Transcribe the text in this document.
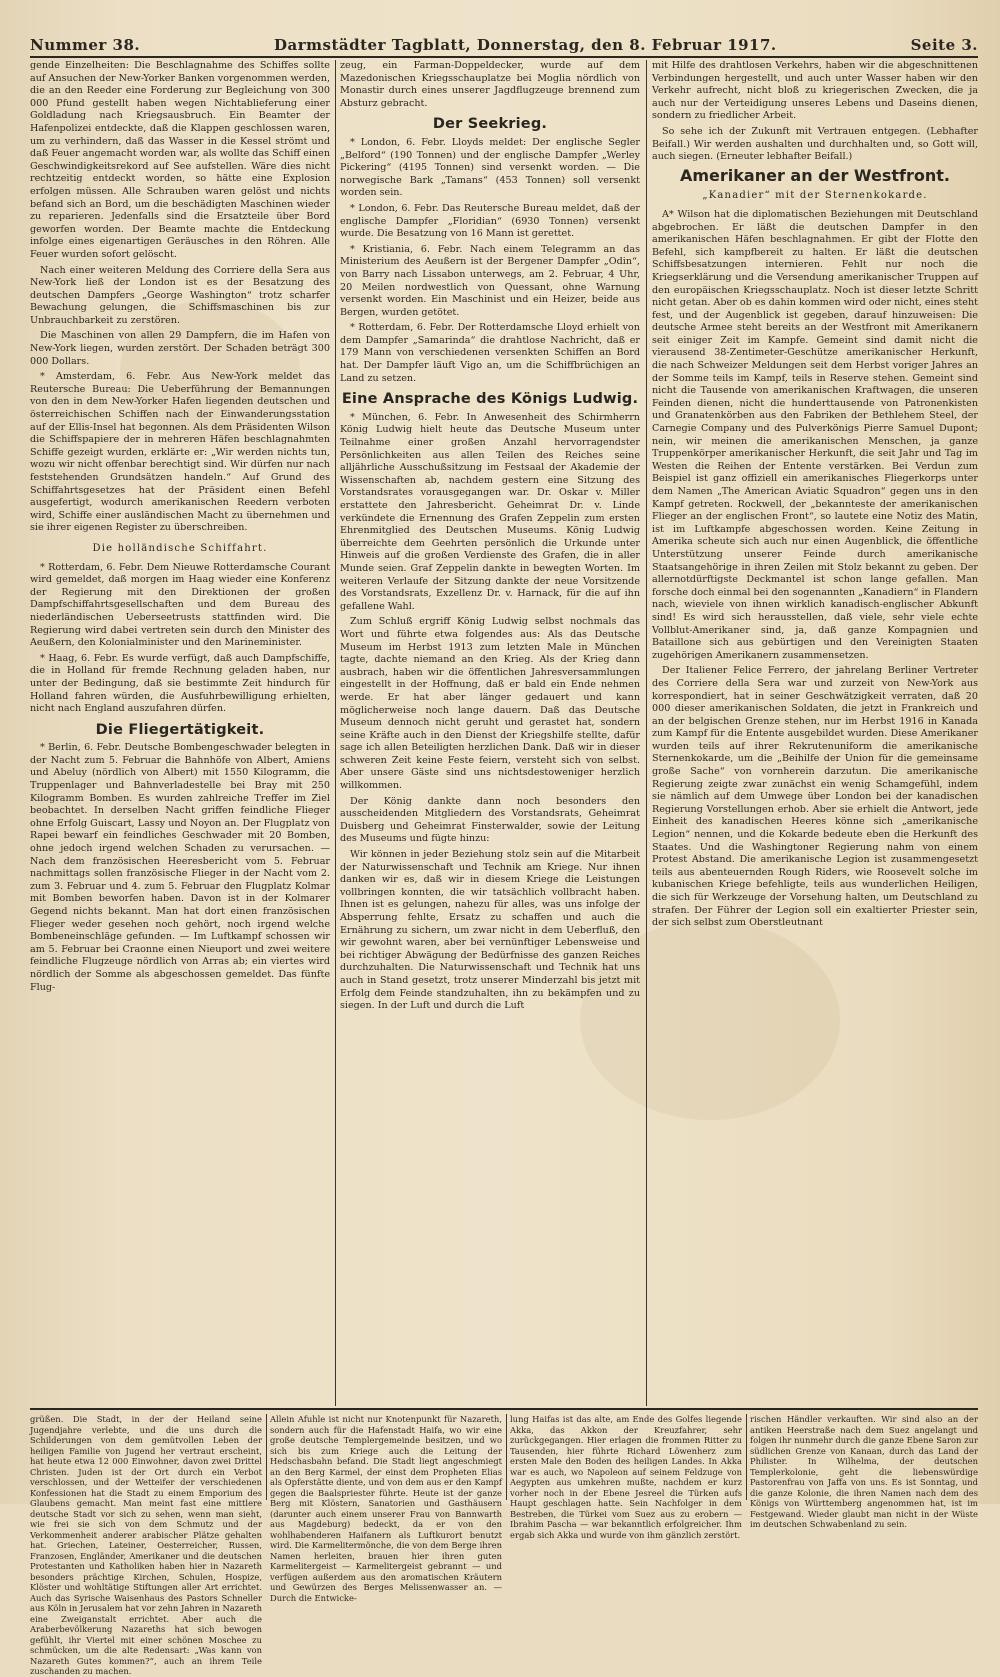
Nummer 38.	Darmstädter Tagblatt, Donnerstag, den 8. Februar 1917.	Seite 3.

gende Einzelheiten: Die Beschlagnahme des Schiffes sollte auf Ansuchen der New-Yorker Banken vorgenommen werden, die an den Reeder eine Forderung zur Begleichung von 300 000 Pfund gestellt haben wegen Nichtablieferung einer Goldladung nach Kriegsausbruch. Ein Beamter der Hafenpolizei entdeckte, daß die Klappen geschlossen waren, um zu verhindern, daß das Wasser in die Kessel strömt und daß Feuer angemacht worden war, als wollte das Schiff einen Geschwindigkeitsrekord auf See aufstellen. Wäre dies nicht rechtzeitig entdeckt worden, so hätte eine Explosion erfolgen müssen. Alle Schrauben waren gelöst und nichts befand sich an Bord, um die beschädigten Maschinen wieder zu reparieren. Jedenfalls sind die Ersatzteile über Bord geworfen worden. Der Beamte machte die Entdeckung infolge eines eigenartigen Geräusches in den Röhren. Alle Feuer wurden sofort gelöscht.

Nach einer weiteren Meldung des Corriere della Sera aus New-York ließ der London ist es der Besatzung des deutschen Dampfers „George Washington“ trotz scharfer Bewachung gelungen, die Schiffsmaschinen bis zur Unbrauchbarkeit zu zerstören.

Die Maschinen von allen 29 Dampfern, die im Hafen von New-York liegen, wurden zerstört. Der Schaden beträgt 300 000 Dollars.

* Amsterdam, 6. Febr. Aus New-York meldet das Reutersche Bureau: Die Ueberführung der Bemannungen von den in dem New-Yorker Hafen liegenden deutschen und österreichischen Schiffen nach der Einwanderungsstation auf der Ellis-Insel hat begonnen. Als dem Präsidenten Wilson die Schiffspapiere der in mehreren Häfen beschlagnahmten Schiffe gezeigt wurden, erklärte er: „Wir werden nichts tun, wozu wir nicht offenbar berechtigt sind. Wir dürfen nur nach feststehenden Grundsätzen handeln.“ Auf Grund des Schiffahrtsgesetzes hat der Präsident einen Befehl ausgefertigt, wodurch amerikanischen Reedern verboten wird, Schiffe einer ausländischen Macht zu übernehmen und sie ihrer eigenen Register zu überschreiben.

Die holländische Schiffahrt.

* Rotterdam, 6. Febr. Dem Nieuwe Rotterdamsche Courant wird gemeldet, daß morgen im Haag wieder eine Konferenz der Regierung mit den Direktionen der großen Dampfschiffahrtsgesellschaften und dem Bureau des niederländischen Ueberseetrusts stattfinden wird. Die Regierung wird dabei vertreten sein durch den Minister des Aeußern, den Kolonialminister und den Marineminister.

* Haag, 6. Febr. Es wurde verfügt, daß auch Dampfschiffe, die in Holland für fremde Rechnung geladen haben, nur unter der Bedingung, daß sie bestimmte Zeit hindurch für Holland fahren würden, die Ausfuhrbewilligung erhielten, nicht nach England auszufahren dürfen.

Die Fliegertätigkeit.

* Berlin, 6. Febr. Deutsche Bombengeschwader belegten in der Nacht zum 5. Februar die Bahnhöfe von Albert, Amiens und Abeluy (nördlich von Albert) mit 1550 Kilogramm, die Truppenlager und Bahnverladestelle bei Bray mit 250 Kilogramm Bomben. Es wurden zahlreiche Treffer im Ziel beobachtet. In derselben Nacht griffen feindliche Flieger ohne Erfolg Guiscart, Lassy und Noyon an. Der Flugplatz von Rapei bewarf ein feindliches Geschwader mit 20 Bomben, ohne jedoch irgend welchen Schaden zu verursachen. — Nach dem französischen Heeresbericht vom 5. Februar nachmittags sollen französische Flieger in der Nacht vom 2. zum 3. Februar und 4. zum 5. Februar den Flugplatz Kolmar mit Bomben beworfen haben. Davon ist in der Kolmarer Gegend nichts bekannt. Man hat dort einen französischen Flieger weder gesehen noch gehört, noch irgend welche Bombeneinschläge gefunden. — Im Luftkampf schossen wir am 5. Februar bei Craonne einen Nieuport und zwei weitere feindliche Flugzeuge nördlich von Arras ab; ein viertes wird nördlich der Somme als abgeschossen gemeldet. Das fünfte Flug-

zeug, ein Farman-Doppeldecker, wurde auf dem Mazedonischen Kriegsschauplatze bei Moglia nördlich von Monastir durch eines unserer Jagdflugzeuge brennend zum Absturz gebracht.

Der Seekrieg.

* London, 6. Febr. Lloyds meldet: Der englische Segler „Belford“ (190 Tonnen) und der englische Dampfer „Werley Pickering“ (4195 Tonnen) sind versenkt worden. — Die norwegische Bark „Tamans“ (453 Tonnen) soll versenkt worden sein.

* London, 6. Febr. Das Reutersche Bureau meldet, daß der englische Dampfer „Floridian“ (6930 Tonnen) versenkt wurde. Die Besatzung von 16 Mann ist gerettet.

* Kristiania, 6. Febr. Nach einem Telegramm an das Ministerium des Aeußern ist der Bergener Dampfer „Odin“, von Barry nach Lissabon unterwegs, am 2. Februar, 4 Uhr, 20 Meilen nordwestlich von Quessant, ohne Warnung versenkt worden. Ein Maschinist und ein Heizer, beide aus Bergen, wurden getötet.

* Rotterdam, 6. Febr. Der Rotterdamsche Lloyd erhielt von dem Dampfer „Samarinda“ die drahtlose Nachricht, daß er 179 Mann von verschiedenen versenkten Schiffen an Bord hat. Der Dampfer läuft Vigo an, um die Schiffbrüchigen an Land zu setzen.

Eine Ansprache des Königs Ludwig.

* München, 6. Febr. In Anwesenheit des Schirmherrn König Ludwig hielt heute das Deutsche Museum unter Teilnahme einer großen Anzahl hervorragendster Persönlichkeiten aus allen Teilen des Reiches seine alljährliche Ausschußsitzung im Festsaal der Akademie der Wissenschaften ab, nachdem gestern eine Sitzung des Vorstandsrates vorausgegangen war. Dr. Oskar v. Miller erstattete den Jahresbericht. Geheimrat Dr. v. Linde verkündete die Ernennung des Grafen Zeppelin zum ersten Ehrenmitglied des Deutschen Museums. König Ludwig überreichte dem Geehrten persönlich die Urkunde unter Hinweis auf die großen Verdienste des Grafen, die in aller Munde seien. Graf Zeppelin dankte in bewegten Worten. Im weiteren Verlaufe der Sitzung dankte der neue Vorsitzende des Vorstandsrats, Exzellenz Dr. v. Harnack, für die auf ihn gefallene Wahl.

Zum Schluß ergriff König Ludwig selbst nochmals das Wort und führte etwa folgendes aus: Als das Deutsche Museum im Herbst 1913 zum letzten Male in München tagte, dachte niemand an den Krieg. Als der Krieg dann ausbrach, haben wir die öffentlichen Jahresversammlungen eingestellt in der Hoffnung, daß er bald ein Ende nehmen werde. Er hat aber länger gedauert und kann möglicherweise noch lange dauern. Daß das Deutsche Museum dennoch nicht geruht und gerastet hat, sondern seine Kräfte auch in den Dienst der Kriegshilfe stellte, dafür sage ich allen Beteiligten herzlichen Dank. Daß wir in dieser schweren Zeit keine Feste feiern, versteht sich von selbst. Aber unsere Gäste sind uns nichtsdestoweniger herzlich willkommen.

Der König dankte dann noch besonders den ausscheidenden Mitgliedern des Vorstandsrats, Geheimrat Duisberg und Geheimrat Finsterwalder, sowie der Leitung des Museums und fügte hinzu:

Wir können in jeder Beziehung stolz sein auf die Mitarbeit der Naturwissenschaft und Technik am Kriege. Nur ihnen danken wir es, daß wir in diesem Kriege die Leistungen vollbringen konnten, die wir tatsächlich vollbracht haben. Ihnen ist es gelungen, nahezu für alles, was uns infolge der Absperrung fehlte, Ersatz zu schaffen und auch die Ernährung zu sichern, um zwar nicht in dem Ueberfluß, den wir gewohnt waren, aber bei vernünftiger Lebensweise und bei richtiger Abwägung der Bedürfnisse des ganzen Reiches durchzuhalten. Die Naturwissenschaft und Technik hat uns auch in Stand gesetzt, trotz unserer Minderzahl bis jetzt mit Erfolg dem Feinde standzuhalten, ihn zu bekämpfen und zu siegen. In der Luft und durch die Luft

mit Hilfe des drahtlosen Verkehrs, haben wir die abgeschnittenen Verbindungen hergestellt, und auch unter Wasser haben wir den Verkehr aufrecht, nicht bloß zu kriegerischen Zwecken, die ja auch nur der Verteidigung unseres Lebens und Daseins dienen, sondern zu friedlicher Arbeit.

So sehe ich der Zukunft mit Vertrauen entgegen. (Lebhafter Beifall.) Wir werden aushalten und durchhalten und, so Gott will, auch siegen. (Erneuter lebhafter Beifall.)

Amerikaner an der Westfront.
„Kanadier“ mit der Sternenkokarde.

A* Wilson hat die diplomatischen Beziehungen mit Deutschland abgebrochen. Er läßt die deutschen Dampfer in den amerikanischen Häfen beschlagnahmen. Er gibt der Flotte den Befehl, sich kampfbereit zu halten. Er läßt die deutschen Schiffsbesatzungen internieren. Fehlt nur noch die Kriegserklärung und die Versendung amerikanischer Truppen auf den europäischen Kriegsschauplatz. Noch ist dieser letzte Schritt nicht getan. Aber ob es dahin kommen wird oder nicht, eines steht fest, und der Augenblick ist gegeben, darauf hinzuweisen: Die deutsche Armee steht bereits an der Westfront mit Amerikanern seit einiger Zeit im Kampfe. Gemeint sind damit nicht die vierausend 38-Zentimeter-Geschütze amerikanischer Herkunft, die nach Schweizer Meldungen seit dem Herbst voriger Jahres an der Somme teils im Kampf, teils in Reserve stehen. Gemeint sind nicht die Tausende von amerikanischen Kraftwagen, die unseren Feinden dienen, nicht die hunderttausende von Patronenkisten und Granatenkörben aus den Fabriken der Bethlehem Steel, der Carnegie Company und des Pulverkönigs Pierre Samuel Dupont; nein, wir meinen die amerikanischen Menschen, ja ganze Truppenkörper amerikanischer Herkunft, die seit Jahr und Tag im Westen die Reihen der Entente verstärken. Bei Verdun zum Beispiel ist ganz offiziell ein amerikanisches Fliegerkorps unter dem Namen „The American Aviatic Squadron“ gegen uns in den Kampf getreten. Rockwell, der „bekannteste der amerikanischen Flieger an der englischen Front“, so lautete eine Notiz des Matin, ist im Luftkampfe abgeschossen worden. Keine Zeitung in Amerika scheute sich auch nur einen Augenblick, die öffentliche Unterstützung unserer Feinde durch amerikanische Staatsangehörige in ihren Zeilen mit Stolz bekannt zu geben. Der allernotdürftigste Deckmantel ist schon lange gefallen. Man forsche doch einmal bei den sogenannten „Kanadiern“ in Flandern nach, wieviele von ihnen wirklich kanadisch-englischer Abkunft sind! Es wird sich herausstellen, daß viele, sehr viele echte Vollblut-Amerikaner sind, ja, daß ganze Kompagnien und Bataillone sich aus gebürtigen und den Vereinigten Staaten zugehörigen Amerikanern zusammensetzen.

Der Italiener Felice Ferrero, der jahrelang Berliner Vertreter des Corriere della Sera war und zurzeit von New-York aus korrespondiert, hat in seiner Geschwätzigkeit verraten, daß 20 000 dieser amerikanischen Soldaten, die jetzt in Frankreich und an der belgischen Grenze stehen, nur im Herbst 1916 in Kanada zum Kampf für die Entente ausgebildet wurden. Diese Amerikaner wurden teils auf ihrer Rekrutenuniform die amerikanische Sternenkokarde, um die „Beihilfe der Union für die gemeinsame große Sache“ von vornherein darzutun. Die amerikanische Regierung zeigte zwar zunächst ein wenig Schamgefühl, indem sie nämlich auf dem Umwege über London bei der kanadischen Regierung Vorstellungen erhob. Aber sie erhielt die Antwort, jede Einheit des kanadischen Heeres könne sich „amerikanische Legion“ nennen, und die Kokarde bedeute eben die Herkunft des Staates. Und die Washingtoner Regierung nahm von einem Protest Abstand. Die amerikanische Legion ist zusammengesetzt teils aus abenteuernden Rough Riders, wie Roosevelt solche im kubanischen Kriege befehligte, teils aus wunderlichen Heiligen, die sich für Werkzeuge der Vorsehung halten, um Deutschland zu strafen. Der Führer der Legion soll ein exaltierter Priester sein, der sich selbst zum Oberstleutnant

grüßen. Die Stadt, in der der Heiland seine Jugendjahre verlebte, und die uns durch die Schilderungen von dem gemütvollen Leben der heiligen Familie von Jugend her vertraut erscheint, hat heute etwa 12 000 Einwohner, davon zwei Drittel Christen. Juden ist der Ort durch ein Verbot verschlossen, und der Wetteifer der verschiedenen Konfessionen hat die Stadt zu einem Emporium des Glaubens gemacht. Man meint fast eine mittlere deutsche Stadt vor sich zu sehen, wenn man sieht, wie frei sie sich von dem Schmutz und der Verkommenheit anderer arabischer Plätze gehalten hat. Griechen, Lateiner, Oesterreicher, Russen, Franzosen, Engländer, Amerikaner und die deutschen Protestanten und Katholiken haben hier in Nazareth besonders prächtige Kirchen, Schulen, Hospize, Klöster und wohltätige Stiftungen aller Art errichtet. Auch das Syrische Waisenhaus des Pastors Schneller aus Köln in Jerusalem hat vor zehn Jahren in Nazareth eine Zweiganstalt errichtet. Aber auch die Araberbevölkerung Nazareths hat sich bewogen gefühlt, ihr Viertel mit einer schönen Moschee zu schmücken, um die alte Redensart: „Was kann von Nazareth Gutes kommen?“, auch an ihrem Teile zuschanden zu machen.
Allein Afuhle ist nicht nur Knotenpunkt für Nazareth, sondern auch für die Hafenstadt Haifa, wo wir eine große deutsche Templergemeinde besitzen, und wo sich bis zum Kriege auch die Leitung der Hedschasbahn befand. Die Stadt liegt angeschmiegt an den Berg Karmel, der einst dem Propheten Elias als Opferstätte diente, und von dem aus er den Kampf gegen die Baalspriester führte. Heute ist der ganze Berg mit Klöstern, Sanatorien und Gasthäusern (darunter auch einem unserer Frau von Bannwarth aus Magdeburg) bedeckt, da er von den wohlhabenderen Haifanern als Luftkurort benutzt wird. Die Karmelitermönche, die von dem Berge ihren Namen herleiten, brauen hier ihren guten Karmelitergeist — Karmelitergeist gebrannt — und verfügen außerdem aus den aromatischen Kräutern und Gewürzen des Berges Melissenwasser an. — Durch die Entwicke-
lung Haifas ist das alte, am Ende des Golfes liegende Akka, das Akkon der Kreuzfahrer, sehr zurückgegangen. Hier erlagen die frommen Ritter zu Tausenden, hier führte Richard Löwenherz zum ersten Male den Boden des heiligen Landes. In Akka war es auch, wo Napoleon auf seinem Feldzuge von Aegypten aus umkehren mußte, nachdem er kurz vorher noch in der Ebene Jesreel die Türken aufs Haupt geschlagen hatte. Sein Nachfolger in dem Bestreben, die Türkei vom Suez aus zu erobern — Ibrahim Pascha — war bekanntlich erfolgreicher. Ihm ergab sich Akka und wurde von ihm gänzlich zerstört.
rischen Händler verkauften. Wir sind also an der antiken Heerstraße nach dem Suez angelangt und folgen ihr nunmehr durch die ganze Ebene Saron zur südlichen Grenze von Kanaan, durch das Land der Philister. In Wilhelma, der deutschen Templerkolonie, geht die liebenswürdige Pastorenfrau von Jaffa von uns. Es ist Sonntag, und die ganze Kolonie, die ihren Namen nach dem des Königs von Württemberg angenommen hat, ist im Festgewand. Wieder glaubt man nicht in der Wüste im deutschen Schwabenland zu sein.
